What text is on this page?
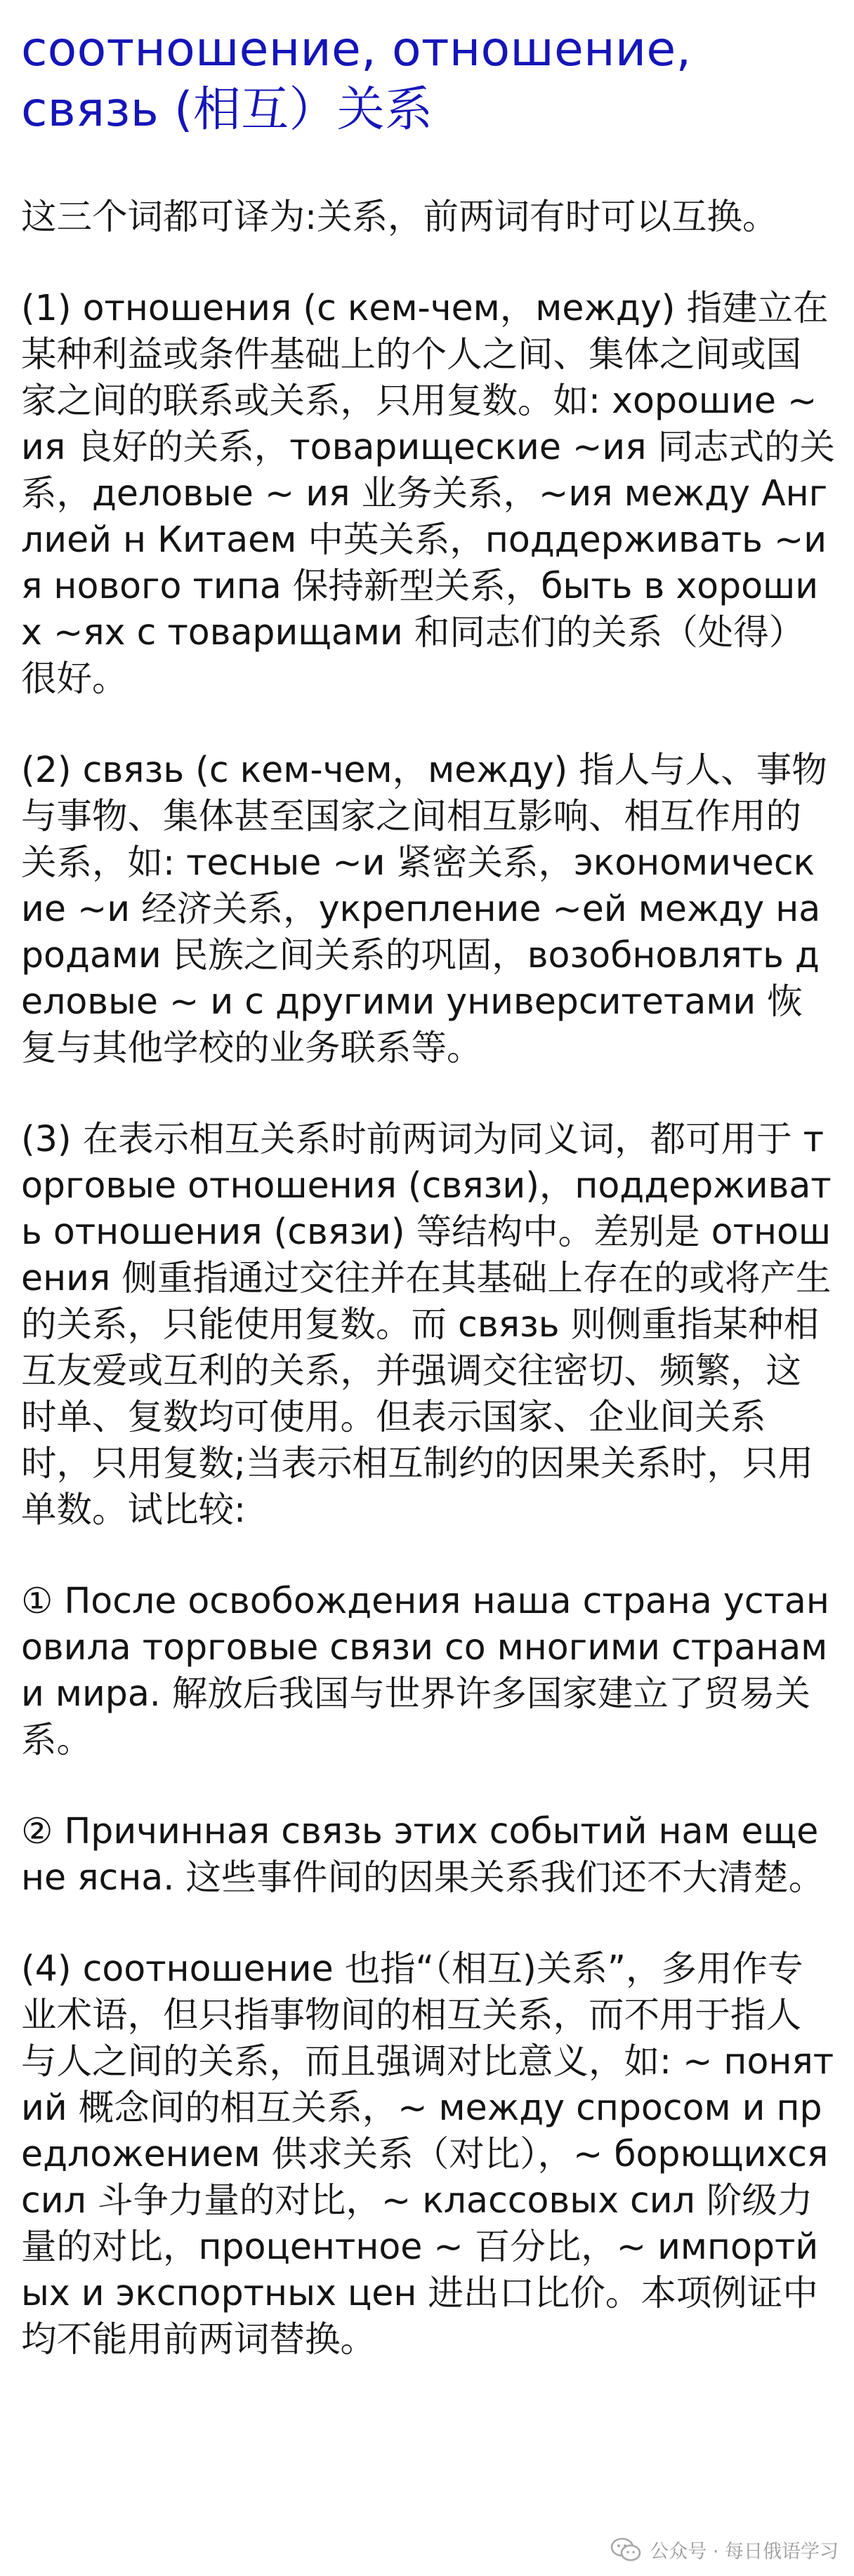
соотношение, отношение, связь (相互）关系

这三个词都可译为:关系，前两词有时可以互换。

(1) отношения (с кем-чем，между) 指建立在某种利益或条件基础上的个人之间、集体之间或国家之间的联系或关系，只用复数。如: хорошие ~ия 良好的关系，товарищеские ~ия 同志式的关系，деловые ~ ия 业务关系，~ия между Англией н Китаем 中英关系，поддерживать ~ия нового типа 保持新型关系，быть в хороших ~ях с товарищами 和同志们的关系（处得）很好。

(2) связь (с кем-чем，между) 指人与人、事物与事物、集体甚至国家之间相互影响、相互作用的关系，如: тесные ~и 紧密关系，экономические ~и 经济关系，укрепление ~ей между народами 民族之间关系的巩固，возобновлять деловые ~ и с другими университетами 恢复与其他学校的业务联系等。

(3) 在表示相互关系时前两词为同义词，都可用于 торговые отношения (связи)，поддерживать отношения (связи) 等结构中。差别是 отношения 侧重指通过交往并在其基础上存在的或将产生的关系，只能使用复数。而 связь 则侧重指某种相互友爱或互利的关系，并强调交往密切、频繁，这时单、复数均可使用。但表示国家、企业间关系时，只用复数;当表示相互制约的因果关系时，只用单数。试比较:

① После освобождения наша страна установила торговые связи со многими странами мира. 解放后我国与世界许多国家建立了贸易关系。

② Причинная связь этих событий нам еще не ясна. 这些事件间的因果关系我们还不大清楚。

(4) соотношение 也指“（相互)关系”，多用作专业术语，但只指事物间的相互关系，而不用于指人与人之间的关系，而且强调对比意义，如: ~ понятий 概念间的相互关系，~ между спросом и предложением 供求关系（对比），~ борющихся сил 斗争力量的对比，~ классовых сил 阶级力量的对比，процентное ~ 百分比，~ импортйых и экспортных цен 进出口比价。本项例证中均不能用前两词替换。

公众号 · 每日俄语学习
